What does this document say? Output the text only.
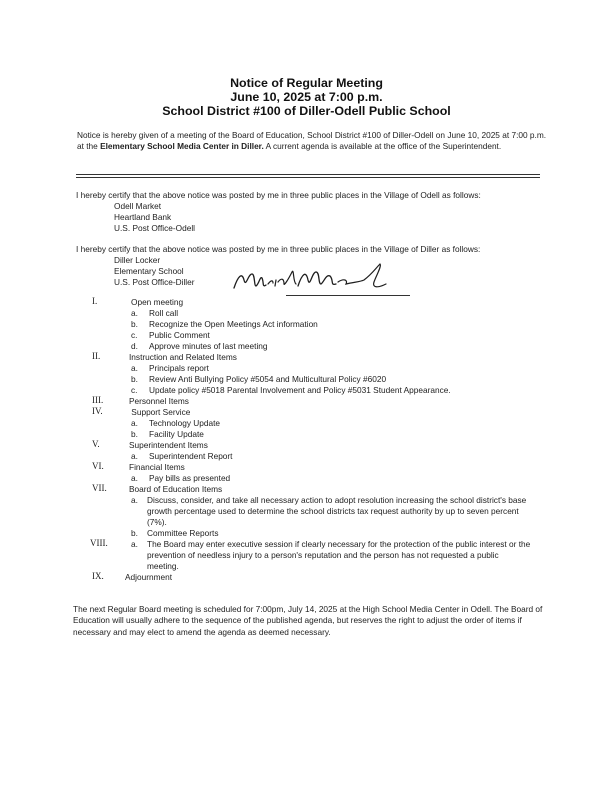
Notice of Regular Meeting
June 10, 2025 at 7:00 p.m.
School District #100 of Diller-Odell Public School
Notice is hereby given of a meeting of the Board of Education, School District #100 of Diller-Odell on June 10, 2025 at 7:00 p.m. at the Elementary School Media Center in Diller. A current agenda is available at the office of the Superintendent.
I hereby certify that the above notice was posted by me in three public places in the Village of Odell as follows:
Odell Market
Heartland Bank
U.S. Post Office-Odell
I hereby certify that the above notice was posted by me in three public places in the Village of Diller as follows:
Diller Locker
Elementary School
U.S. Post Office-Diller
I.	Open meeting
a. Roll call
b. Recognize the Open Meetings Act information
c. Public Comment
d. Approve minutes of last meeting
II.	Instruction and Related Items
a. Principals report
b. Review Anti Bullying Policy #5054 and Multicultural Policy #6020
c. Update policy #5018 Parental Involvement and Policy #5031 Student Appearance.
III.	Personnel Items
IV.	Support Service
a. Technology Update
b. Facility Update
V.	Superintendent Items
a. Superintendent Report
VI.	Financial Items
a. Pay bills as presented
VII.	Board of Education Items
a. Discuss, consider, and take all necessary action to adopt resolution increasing the school district's base growth percentage used to determine the school districts tax request authority by up to seven percent (7%).
b. Committee Reports
VIII.	a. The Board may enter executive session if clearly necessary for the protection of the public interest or the prevention of needless injury to a person's reputation and the person has not requested a public meeting.
IX.	Adjournment
The next Regular Board meeting is scheduled for 7:00pm, July 14, 2025 at the High School Media Center in Odell. The Board of Education will usually adhere to the sequence of the published agenda, but reserves the right to adjust the order of items if necessary and may elect to amend the agenda as deemed necessary.
